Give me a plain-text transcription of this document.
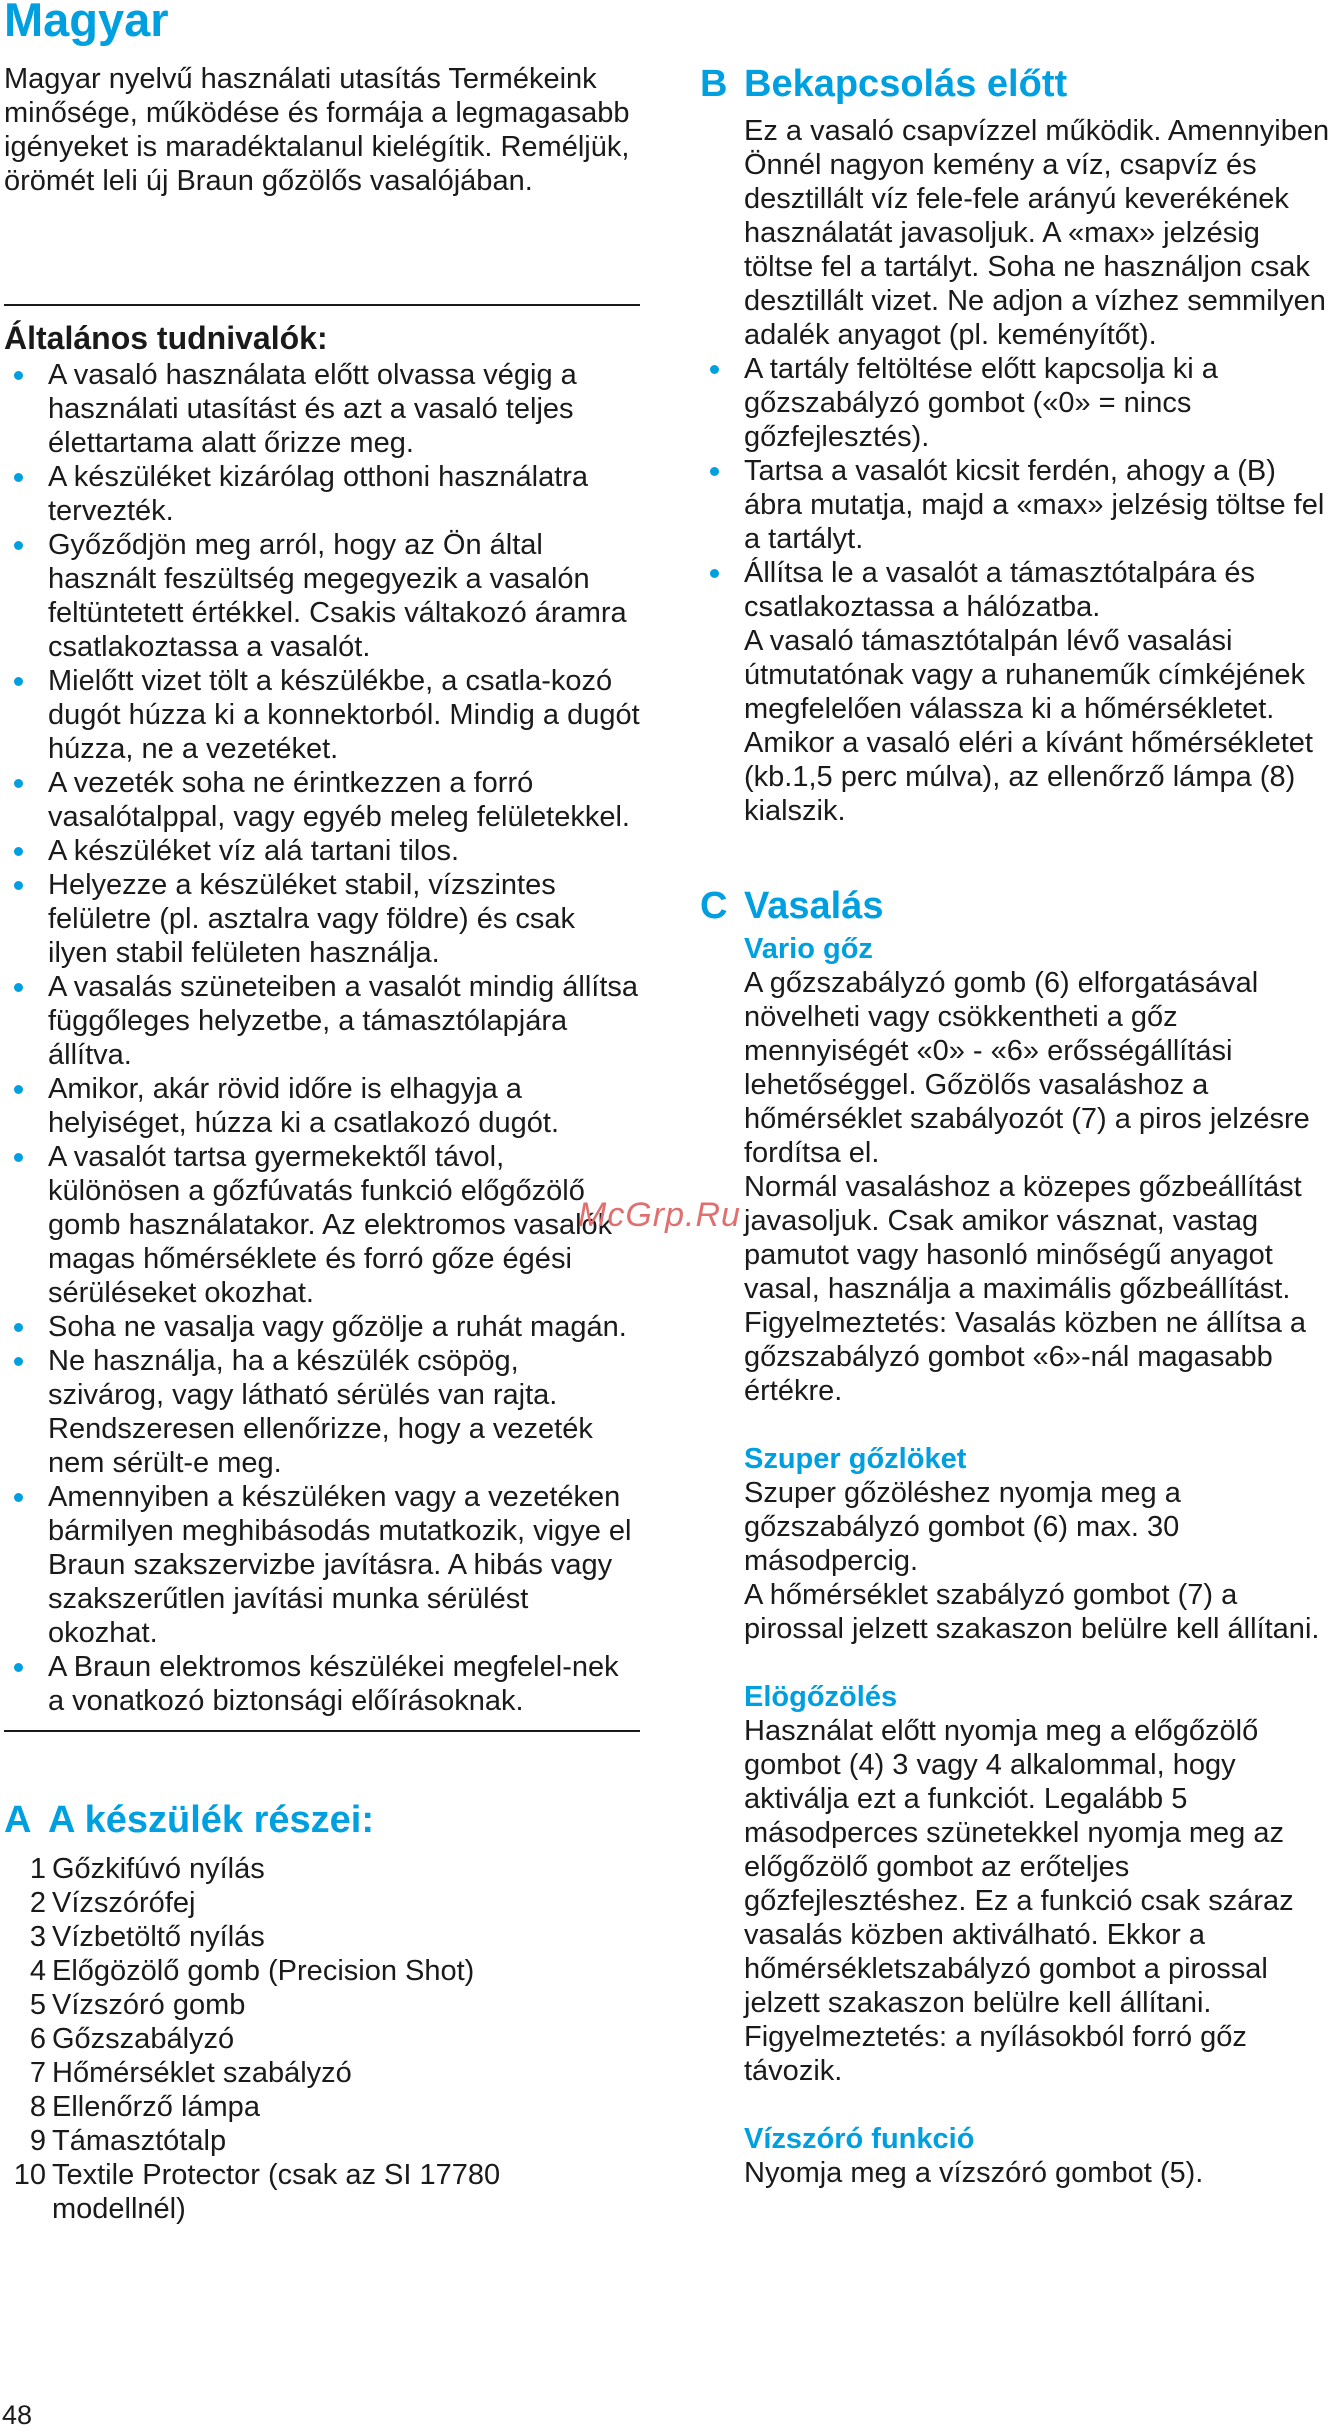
Magyar
Magyar nyelvű használati utasítás Termékeink minősége, működése és formája a legmagasabb igényeket is maradéktalanul kielégítik. Reméljük, örömét leli új Braun gőzölős vasalójában.
Általános tudnivalók:
A vasaló használata előtt olvassa végig a használati utasítást és azt a vasaló teljes élettartama alatt őrizze meg.
A készüléket kizárólag otthoni használatra tervezték.
Győződjön meg arról, hogy az Ön által használt feszültség megegyezik a vasalón feltüntetett értékkel. Csakis váltakozó áramra csatlakoztassa a vasalót.
Mielőtt vizet tölt a készülékbe, a csatla-kozó dugót húzza ki a konnektorból. Mindig a dugót húzza, ne a vezetéket.
A vezeték soha ne érintkezzen a forró vasalótalppal, vagy egyéb meleg felületekkel.
A készüléket víz alá tartani tilos.
Helyezze a készüléket stabil, vízszintes felületre (pl. asztalra vagy földre) és csak ilyen stabil felületen használja.
A vasalás szüneteiben a vasalót mindig állítsa függőleges helyzetbe, a támasztólapjára állítva.
Amikor, akár rövid időre is elhagyja a helyiséget, húzza ki a csatlakozó dugót.
A vasalót tartsa gyermekektől távol, különösen a gőzfúvatás funkció előgőzölő gomb használatakor. Az elektromos vasalók magas hőmérséklete és forró gőze égési sérüléseket okozhat.
Soha ne vasalja vagy gőzölje a ruhát magán.
Ne használja, ha a készülék csöpög, szivárog, vagy látható sérülés van rajta. Rendszeresen ellenőrizze, hogy a vezeték nem sérült-e meg.
Amennyiben a készüléken vagy a vezetéken bármilyen meghibásodás mutatkozik, vigye el Braun szakszervizbe javításra. A hibás vagy szakszerűtlen javítási munka sérülést okozhat.
A Braun elektromos készülékei megfelel-nek a vonatkozó biztonsági előírásoknak.
A A készülék részei:
1 Gőzkifúvó nyílás
2 Vízszórófej
3 Vízbetöltő nyílás
4 Előgözölő gomb (Precision Shot)
5 Vízszóró gomb
6 Gőzszabályzó
7 Hőmérséklet szabályzó
8 Ellenőrző lámpa
9 Támasztótalp
10 Textile Protector (csak az SI 17780 modellnél)
B Bekapcsolás előtt
Ez a vasaló csapvízzel működik. Amennyiben Önnél nagyon kemény a víz, csapvíz és desztillált víz fele-fele arányú keverékének használatát javasoljuk. A «max» jelzésig töltse fel a tartályt. Soha ne használjon csak desztillált vizet. Ne adjon a vízhez semmilyen adalék anyagot (pl. keményítőt).
A tartály feltöltése előtt kapcsolja ki a gőzszabályzó gombot («0» = nincs gőzfejlesztés).
Tartsa a vasalót kicsit ferdén, ahogy a (B) ábra mutatja, majd a «max» jelzésig töltse fel a tartályt.
Állítsa le a vasalót a támasztótalpára és csatlakoztassa a hálózatba.
A vasaló támasztótalpán lévő vasalási útmutatónak vagy a ruhaneműk címkéjének megfelelően válassza ki a hőmérsékletet.
Amikor a vasaló eléri a kívánt hőmérsékletet (kb.1,5 perc múlva), az ellenőrző lámpa (8) kialszik.
C Vasalás
Vario gőz
A gőzszabályzó gomb (6) elforgatásával növelheti vagy csökkentheti a gőz mennyiségét «0» - «6» erősségállítási lehetőséggel. Gőzölős vasaláshoz a hőmérséklet szabályozót (7) a piros jelzésre fordítsa el.
Normál vasaláshoz a közepes gőzbeállítást javasoljuk. Csak amikor vásznat, vastag pamutot vagy hasonló minőségű anyagot vasal, használja a maximális gőzbeállítást.
Figyelmeztetés: Vasalás közben ne állítsa a gőzszabályzó gombot «6»-nál magasabb értékre.
Szuper gőzlöket
Szuper gőzöléshez nyomja meg a gőzszabályzó gombot (6) max. 30 másodpercig.
A hőmérséklet szabályzó gombot (7) a pirossal jelzett szakaszon belülre kell állítani.
Elögőzölés
Használat előtt nyomja meg a előgőzölő gombot (4) 3 vagy 4 alkalommal, hogy aktiválja ezt a funkciót. Legalább 5 másodperces szünetekkel nyomja meg az előgőzölő gombot az erőteljes gőzfejlesztéshez. Ez a funkció csak száraz vasalás közben aktiválható. Ekkor a hőmérsékletszabályzó gombot a pirossal jelzett szakaszon belülre kell állítani.
Figyelmeztetés: a nyílásokból forró gőz távozik.
Vízszóró funkció
Nyomja meg a vízszóró gombot (5).
McGrp.Ru
48
